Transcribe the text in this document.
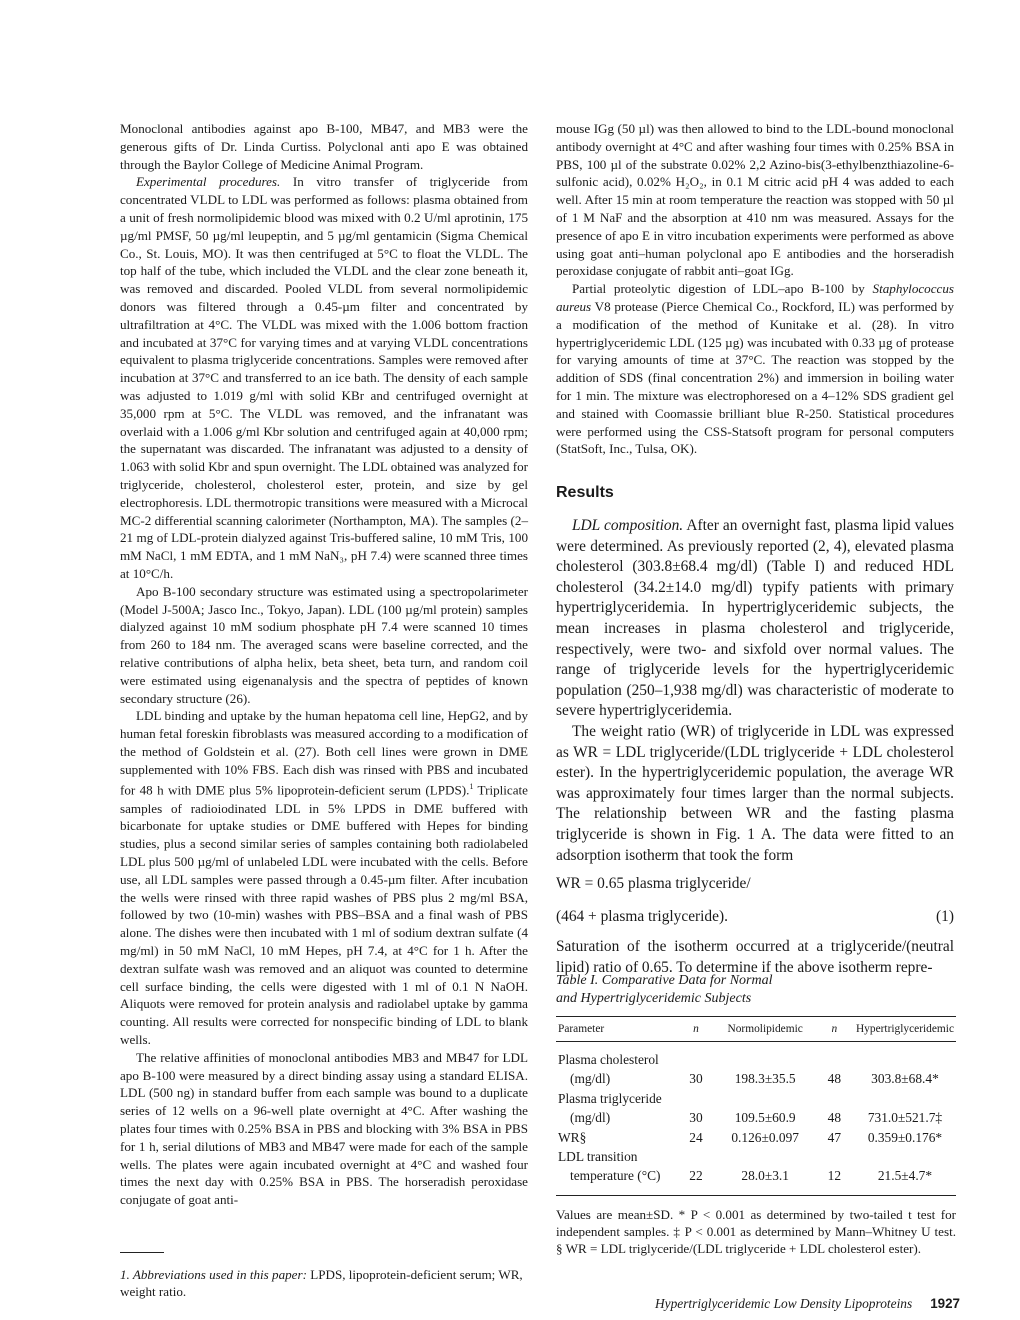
Monoclonal antibodies against apo B-100, MB47, and MB3 were the generous gifts of Dr. Linda Curtiss. Polyclonal anti apo E was obtained through the Baylor College of Medicine Animal Program.

Experimental procedures. In vitro transfer of triglyceride from concentrated VLDL to LDL was performed as follows: plasma obtained from a unit of fresh normolipidemic blood was mixed with 0.2 U/ml aprotinin, 175 µg/ml PMSF, 50 µg/ml leupeptin, and 5 µg/ml gentamicin (Sigma Chemical Co., St. Louis, MO). It was then centrifuged at 5°C to float the VLDL. The top half of the tube, which included the VLDL and the clear zone beneath it, was removed and discarded. Pooled VLDL from several normolipidemic donors was filtered through a 0.45-µm filter and concentrated by ultrafiltration at 4°C. The VLDL was mixed with the 1.006 bottom fraction and incubated at 37°C for varying times and at varying VLDL concentrations equivalent to plasma triglyceride concentrations. Samples were removed after incubation at 37°C and transferred to an ice bath. The density of each sample was adjusted to 1.019 g/ml with solid KBr and centrifuged overnight at 35,000 rpm at 5°C. The VLDL was removed, and the infranatant was overlaid with a 1.006 g/ml Kbr solution and centrifuged again at 40,000 rpm; the supernatant was discarded. The infranatant was adjusted to a density of 1.063 with solid Kbr and spun overnight. The LDL obtained was analyzed for triglyceride, cholesterol, cholesterol ester, protein, and size by gel electrophoresis. LDL thermotropic transitions were measured with a Microcal MC-2 differential scanning calorimeter (Northampton, MA). The samples (2–21 mg of LDL-protein dialyzed against Tris-buffered saline, 10 mM Tris, 100 mM NaCl, 1 mM EDTA, and 1 mM NaN₃, pH 7.4) were scanned three times at 10°C/h.

Apo B-100 secondary structure was estimated using a spectropolarimeter (Model J-500A; Jasco Inc., Tokyo, Japan). LDL (100 µg/ml protein) samples dialyzed against 10 mM sodium phosphate pH 7.4 were scanned 10 times from 260 to 184 nm. The averaged scans were baseline corrected, and the relative contributions of alpha helix, beta sheet, beta turn, and random coil were estimated using eigenanalysis and the spectra of peptides of known secondary structure (26).

LDL binding and uptake by the human hepatoma cell line, HepG2, and by human fetal foreskin fibroblasts was measured according to a modification of the method of Goldstein et al. (27). Both cell lines were grown in DME supplemented with 10% FBS. Each dish was rinsed with PBS and incubated for 48 h with DME plus 5% lipoprotein-deficient serum (LPDS).$^1$ Triplicate samples of radioiodinated LDL in 5% LPDS in DME buffered with bicarbonate for uptake studies or DME buffered with Hepes for binding studies, plus a second similar series of samples containing both radiolabeled LDL plus 500 µg/ml of unlabeled LDL were incubated with the cells. Before use, all LDL samples were passed through a 0.45-µm filter. After incubation the wells were rinsed with three rapid washes of PBS plus 2 mg/ml BSA, followed by two (10-min) washes with PBS–BSA and a final wash of PBS alone. The dishes were then incubated with 1 ml of sodium dextran sulfate (4 mg/ml) in 50 mM NaCl, 10 mM Hepes, pH 7.4, at 4°C for 1 h. After the dextran sulfate wash was removed and an aliquot was counted to determine cell surface binding, the cells were digested with 1 ml of 0.1 N NaOH. Aliquots were removed for protein analysis and radiolabel uptake by gamma counting. All results were corrected for nonspecific binding of LDL to blank wells.

The relative affinities of monoclonal antibodies MB3 and MB47 for LDL apo B-100 were measured by a direct binding assay using a standard ELISA. LDL (500 ng) in standard buffer from each sample was bound to a duplicate series of 12 wells on a 96-well plate overnight at 4°C. After washing the plates four times with 0.25% BSA in PBS and blocking with 3% BSA in PBS for 1 h, serial dilutions of MB3 and MB47 were made for each of the sample wells. The plates were again incubated overnight at 4°C and washed four times the next day with 0.25% BSA in PBS. The horseradish peroxidase conjugate of goat anti-

mouse IGg (50 µl) was then allowed to bind to the LDL-bound monoclonal antibody overnight at 4°C and after washing four times with 0.25% BSA in PBS, 100 µl of the substrate 0.02% 2,2 Azino-bis(3-ethylbenzthiazoline-6-sulfonic acid), 0.02% H₂O₂, in 0.1 M citric acid pH 4 was added to each well. After 15 min at room temperature the reaction was stopped with 50 µl of 1 M NaF and the absorption at 410 nm was measured. Assays for the presence of apo E in vitro incubation experiments were performed as above using goat anti–human polyclonal apo E antibodies and the horseradish peroxidase conjugate of rabbit anti–goat IGg.

Partial proteolytic digestion of LDL–apo B-100 by Staphylococcus aureus V8 protease (Pierce Chemical Co., Rockford, IL) was performed by a modification of the method of Kunitake et al. (28). In vitro hypertriglyceridemic LDL (125 µg) was incubated with 0.33 µg of protease for varying amounts of time at 37°C. The reaction was stopped by the addition of SDS (final concentration 2%) and immersion in boiling water for 1 min. The mixture was electrophoresed on a 4–12% SDS gradient gel and stained with Coomassie brilliant blue R-250. Statistical procedures were performed using the CSS-Statsoft program for personal computers (StatSoft, Inc., Tulsa, OK).

Results

LDL composition. After an overnight fast, plasma lipid values were determined. As previously reported (2, 4), elevated plasma cholesterol (303.8±68.4 mg/dl) (Table I) and reduced HDL cholesterol (34.2±14.0 mg/dl) typify patients with primary hypertriglyceridemia. In hypertriglyceridemic subjects, the mean increases in plasma cholesterol and triglyceride, respectively, were two- and sixfold over normal values. The range of triglyceride levels for the hypertriglyceridemic population (250–1,938 mg/dl) was characteristic of moderate to severe hypertriglyceridemia.

The weight ratio (WR) of triglyceride in LDL was expressed as WR = LDL triglyceride/(LDL triglyceride + LDL cholesterol ester). In the hypertriglyceridemic population, the average WR was approximately four times larger than the normal subjects. The relationship between WR and the fasting plasma triglyceride is shown in Fig. 1 A. The data were fitted to an adsorption isotherm that took the form

WR = 0.65 plasma triglyceride/

(464 + plasma triglyceride).	(1)

Saturation of the isotherm occurred at a triglyceride/(neutral lipid) ratio of 0.65. To determine if the above isotherm repre-

Table I. Comparative Data for Normal
and Hypertriglyceridemic Subjects
Parameter	n	Normolipidemic	n	Hypertriglyceridemic
Plasma cholesterol				
(mg/dl)	30	198.3±35.5	48	303.8±68.4*
Plasma triglyceride				
(mg/dl)	30	109.5±60.9	48	731.0±521.7‡
WR§	24	0.126±0.097	47	0.359±0.176*
LDL transition				
temperature (°C)	22	28.0±3.1	12	21.5±4.7*
Values are mean±SD. * P < 0.001 as determined by two-tailed t test for independent samples. ‡ P < 0.001 as determined by Mann–Whitney U test. § WR = LDL triglyceride/(LDL triglyceride + LDL cholesterol ester).
1. Abbreviations used in this paper: LPDS, lipoprotein-deficient serum; WR, weight ratio.
Hypertriglyceridemic Low Density Lipoproteins 1927
